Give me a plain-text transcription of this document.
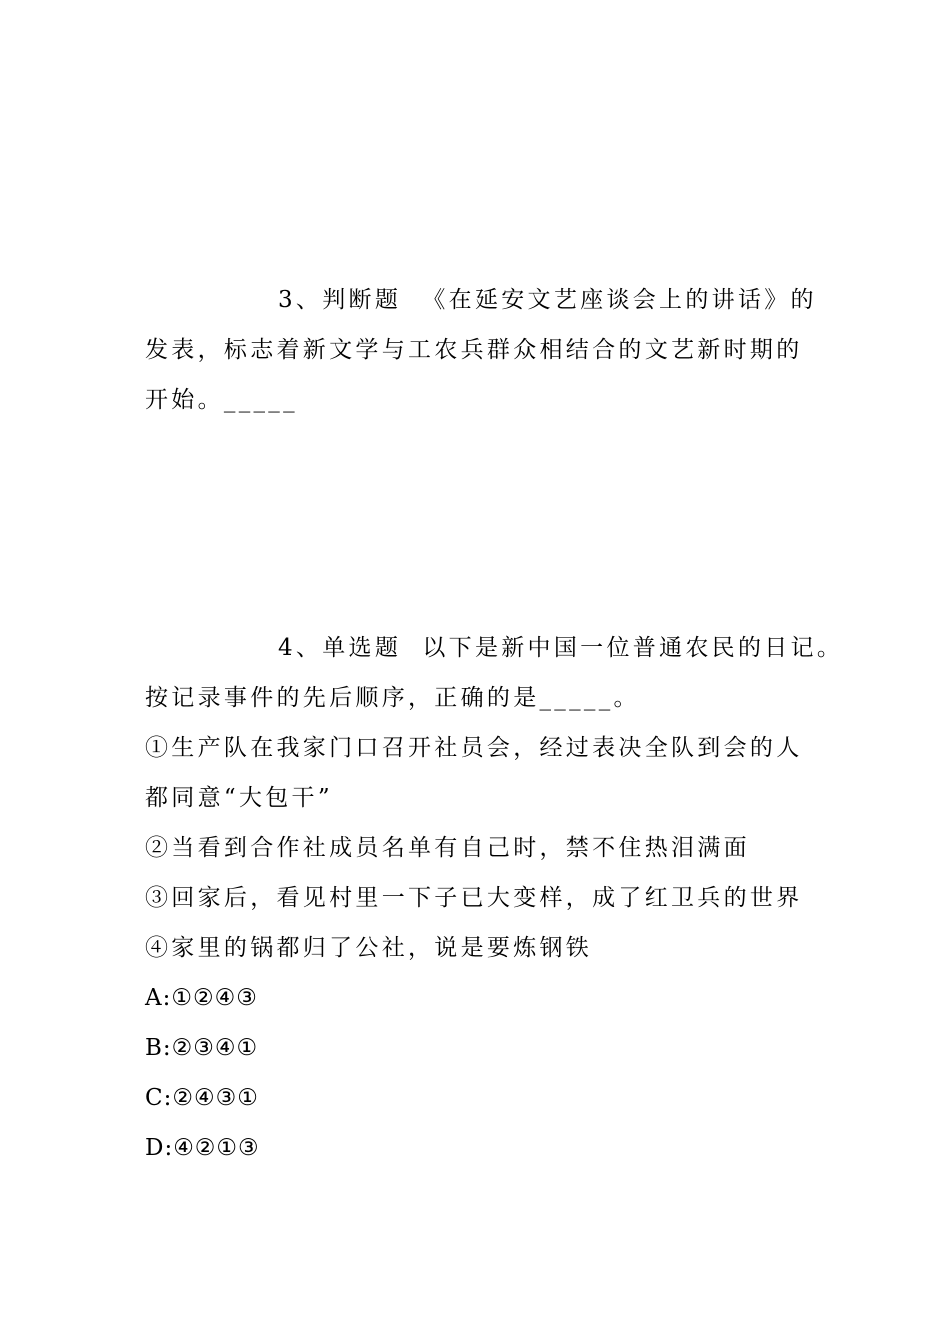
3、判断题  《在延安文艺座谈会上的讲话》的
发表，标志着新文学与工农兵群众相结合的文艺新时期的
开始。_____
4、单选题  以下是新中国一位普通农民的日记。
按记录事件的先后顺序，正确的是_____。
①生产队在我家门口召开社员会，经过表决全队到会的人
都同意“大包干”
②当看到合作社成员名单有自己时，禁不住热泪满面
③回家后，看见村里一下子已大变样，成了红卫兵的世界
④家里的锅都归了公社，说是要炼钢铁
A:①②④③
B:②③④①
C:②④③①
D:④②①③
